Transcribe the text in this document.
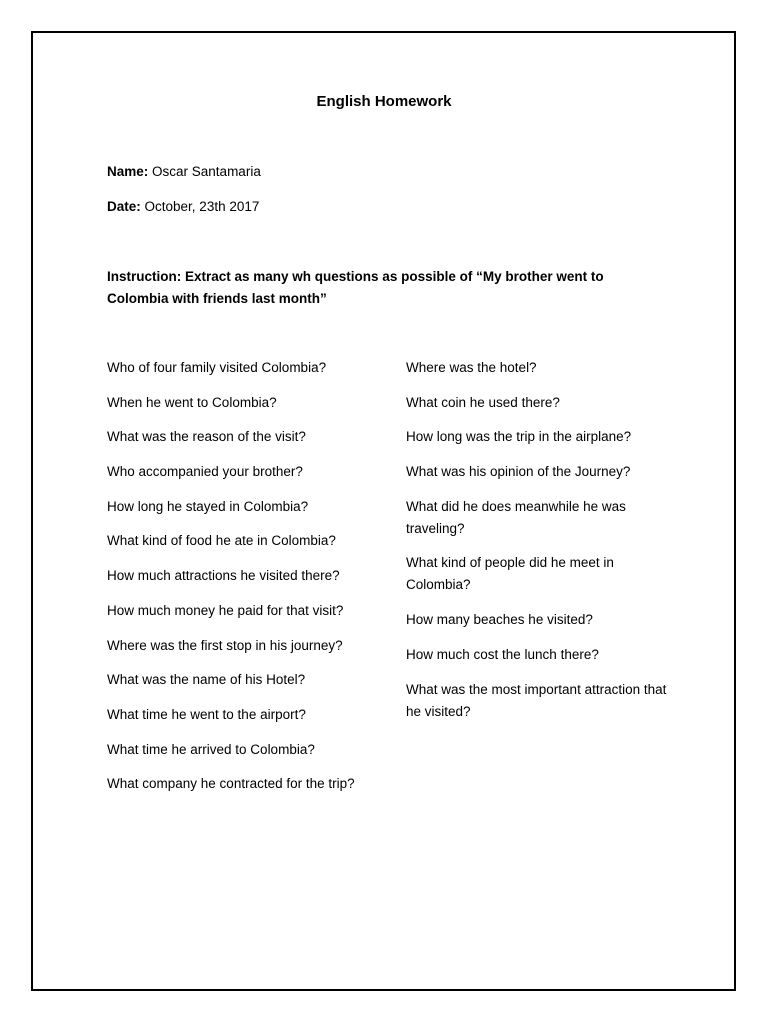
English Homework
Name: Oscar Santamaria
Date: October, 23th 2017
Instruction: Extract as many wh questions as possible of “My brother went to Colombia with friends last month”
Who of four family visited Colombia?
When he went to Colombia?
What was the reason of the visit?
Who accompanied your brother?
How long he stayed in Colombia?
What kind of food he ate in Colombia?
How much attractions he visited there?
How much money he paid for that visit?
Where was the first stop in his journey?
What was the name of his Hotel?
What time he went to the airport?
What time he arrived to Colombia?
What company he contracted for the trip?
Where was the hotel?
What coin he used there?
How long was the trip in the airplane?
What was his opinion of the Journey?
What did he does meanwhile he was traveling?
What kind of people did he meet in Colombia?
How many beaches he visited?
How much cost the lunch there?
What was the most important attraction that he visited?
